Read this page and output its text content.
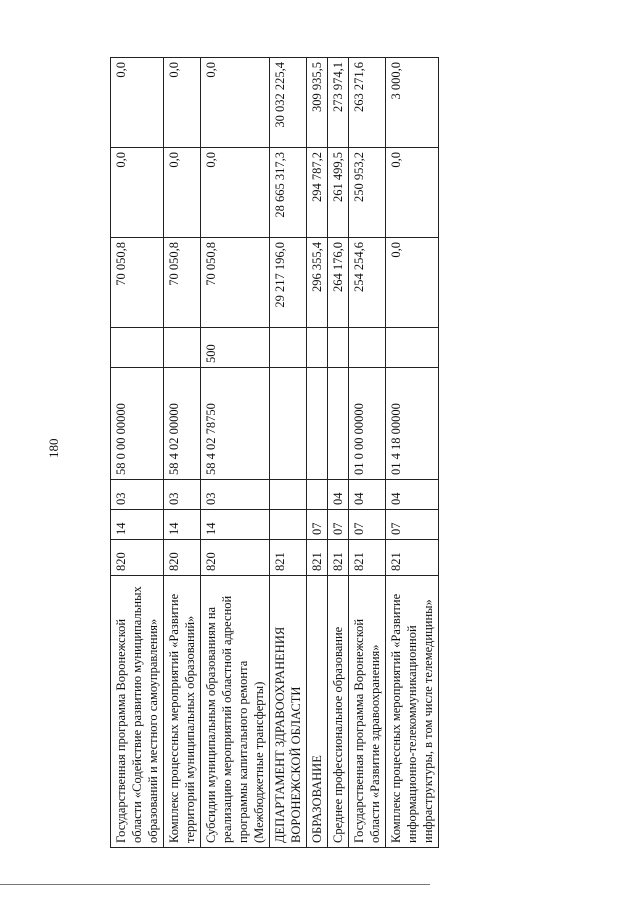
180
Государственная программа Воронежской области «Содействие развитию муниципальных образований и местного самоуправления»	820	14	03	58 0 00 00000		70 050,8	0,0	0,0
Комплекс процессных мероприятий «Развитие территорий муниципальных образований»	820	14	03	58 4 02 00000		70 050,8	0,0	0,0
Субсидии муниципальным образованиям на реализацию мероприятий областной адресной программы капитального ремонта (Межбюджетные трансферты)	820	14	03	58 4 02 78750	500	70 050,8	0,0	0,0
ДЕПАРТАМЕНТ ЗДРАВООХРАНЕНИЯ ВОРОНЕЖСКОЙ ОБЛАСТИ	821					29 217 196,0	28 665 317,3	30 032 225,4
ОБРАЗОВАНИЕ	821	07				296 355,4	294 787,2	309 935,5
Среднее профессиональное образование	821	07	04			264 176,0	261 499,5	273 974,1
Государственная программа Воронежской области «Развитие здравоохранения»	821	07	04	01 0 00 00000		254 254,6	250 953,2	263 271,6
Комплекс процессных мероприятий «Развитие информационно-телекоммуникационной инфраструктуры, в том числе телемедицины»	821	07	04	01 4 18 00000		0,0	0,0	3 000,0
